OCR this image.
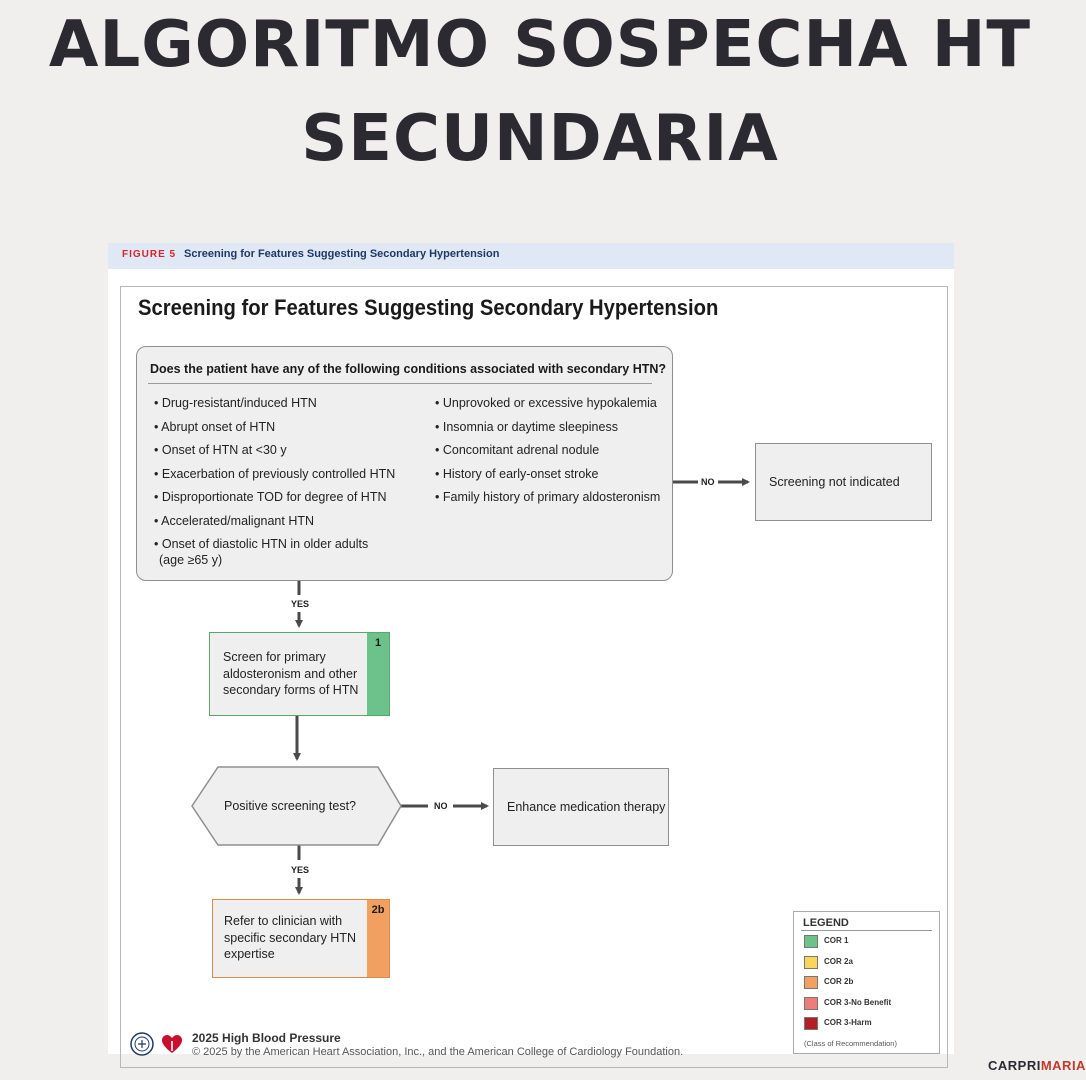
ALGORITMO SOSPECHA HT
SECUNDARIA
FIGURE 5 Screening for Features Suggesting Secondary Hypertension
Screening for Features Suggesting Secondary Hypertension
NO
YES
NO
YES
Positive screening test?
Does the patient have any of the following conditions associated with secondary HTN?
• Drug-resistant/induced HTN
• Abrupt onset of HTN
• Onset of HTN at <30 y
• Exacerbation of previously controlled HTN
• Disproportionate TOD for degree of HTN
• Accelerated/malignant HTN
• Onset of diastolic HTN in older adults
(age ≥65 y)
• Unprovoked or excessive hypokalemia
• Insomnia or daytime sleepiness
• Concomitant adrenal nodule
• History of early-onset stroke
• Family history of primary aldosteronism
Screening not indicated
Screen for primary
aldosteronism and other
secondary forms of HTN
1
Enhance medication therapy
Refer to clinician with
specific secondary HTN
expertise
2b
LEGEND
COR 1
COR 2a
COR 2b
COR 3-No Benefit
COR 3-Harm
(Class of Recommendation)
2025 High Blood Pressure
© 2025 by the American Heart Association, Inc., and the American College of Cardiology Foundation.
CARPRIMARIA
